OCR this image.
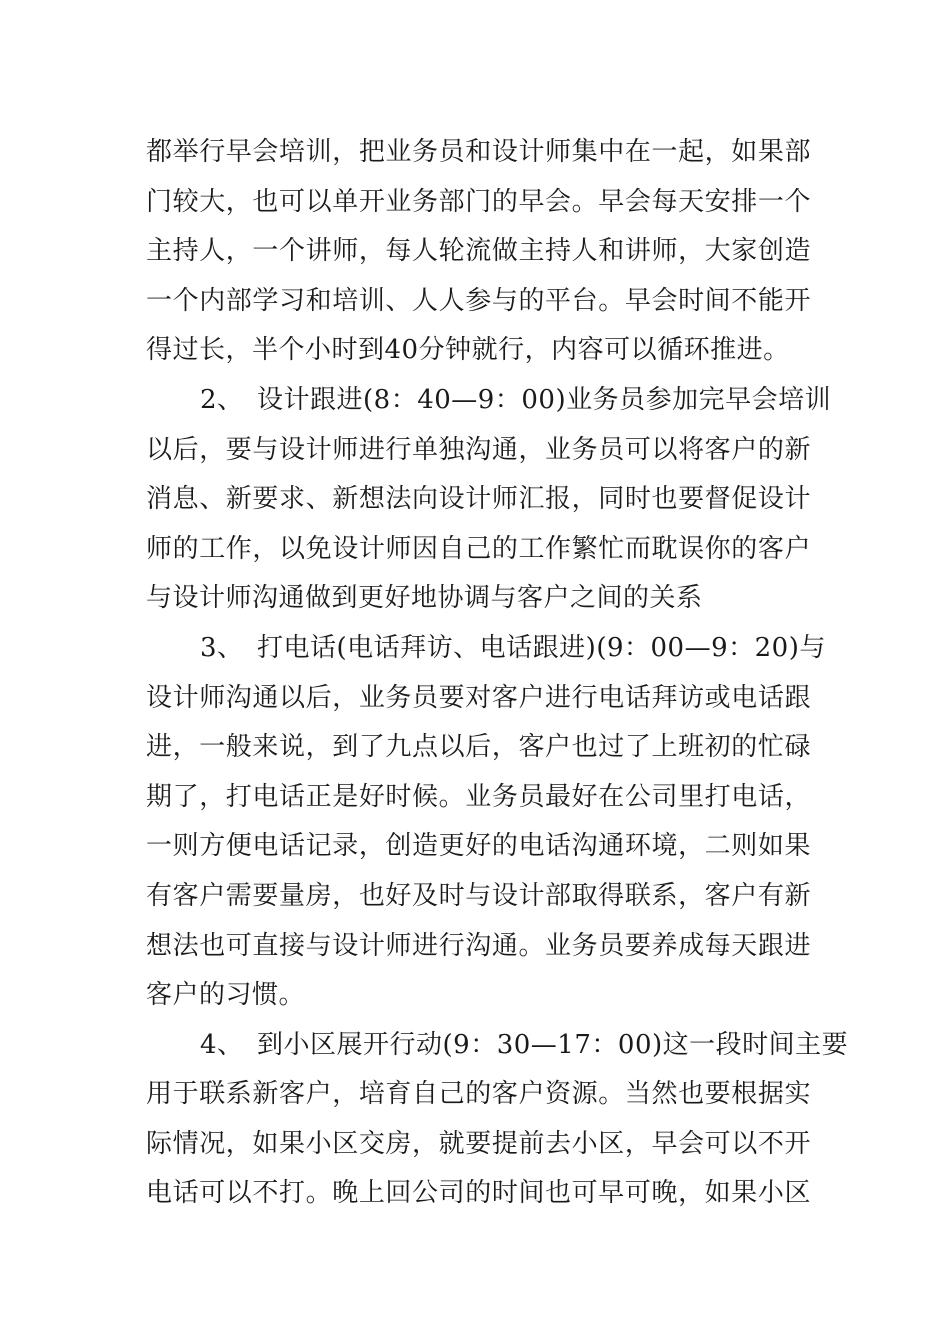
都举行早会培训，把业务员和设计师集中在一起，如果部
门较大，也可以单开业务部门的早会。早会每天安排一个
主持人，一个讲师，每人轮流做主持人和讲师，大家创造
一个内部学习和培训、人人参与的平台。早会时间不能开
得过长，半个小时到40分钟就行，内容可以循环推进。
2、　设计跟进(8：40—9：00)业务员参加完早会培训
以后，要与设计师进行单独沟通，业务员可以将客户的新
消息、新要求、新想法向设计师汇报，同时也要督促设计
师的工作，以免设计师因自己的工作繁忙而耽误你的客户
与设计师沟通做到更好地协调与客户之间的关系
3、　打电话(电话拜访、电话跟进)(9：00—9：20)与
设计师沟通以后，业务员要对客户进行电话拜访或电话跟
进，一般来说，到了九点以后，客户也过了上班初的忙碌
期了，打电话正是好时候。业务员最好在公司里打电话，
一则方便电话记录，创造更好的电话沟通环境，二则如果
有客户需要量房，也好及时与设计部取得联系，客户有新
想法也可直接与设计师进行沟通。业务员要养成每天跟进
客户的习惯。
4、　到小区展开行动(9：30—17：00)这一段时间主要
用于联系新客户，培育自己的客户资源。当然也要根据实
际情况，如果小区交房，就要提前去小区，早会可以不开
电话可以不打。晚上回公司的时间也可早可晚，如果小区
